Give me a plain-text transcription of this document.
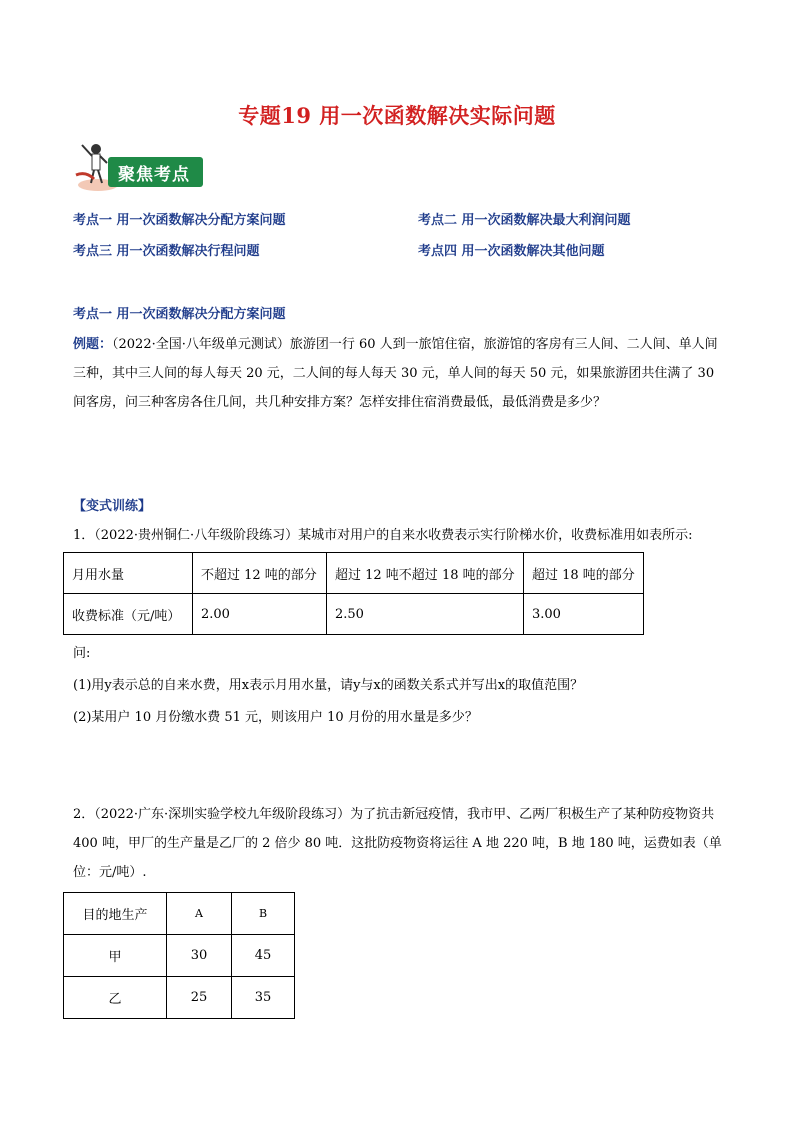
专题19 用一次函数解决实际问题
聚焦考点
考点一 用一次函数解决分配方案问题	考点二 用一次函数解决最大利润问题
考点三 用一次函数解决行程问题	考点四 用一次函数解决其他问题
考点一 用一次函数解决分配方案问题
例题：（2022·全国·八年级单元测试）旅游团一行 60 人到一旅馆住宿，旅游馆的客房有三人间、二人间、单人间三种，其中三人间的每人每天 20 元，二人间的每人每天 30 元，单人间的每天 50 元，如果旅游团共住满了 30 间客房，问三种客房各住几间，共几种安排方案？怎样安排住宿消费最低，最低消费是多少？
【变式训练】
1．（2022·贵州铜仁·八年级阶段练习）某城市对用户的自来水收费表示实行阶梯水价，收费标准用如表所示:
月用水量	不超过 12 吨的部分	超过 12 吨不超过 18 吨的部分	超过 18 吨的部分
收费标准（元/吨）	2.00	2.50	3.00
问:
(1)用y表示总的自来水费，用x表示月用水量，请y与x的函数关系式并写出x的取值范围？
(2)某用户 10 月份缴水费 51 元，则该用户 10 月份的用水量是多少？
2．（2022·广东·深圳实验学校九年级阶段练习）为了抗击新冠疫情，我市甲、乙两厂积极生产了某种防疫物资共 400 吨，甲厂的生产量是乙厂的 2 倍少 80 吨．这批防疫物资将运往 A 地 220 吨，B 地 180 吨，运费如表（单位：元/吨）.
目的地生产	A	B
甲	30	45
乙	25	35
